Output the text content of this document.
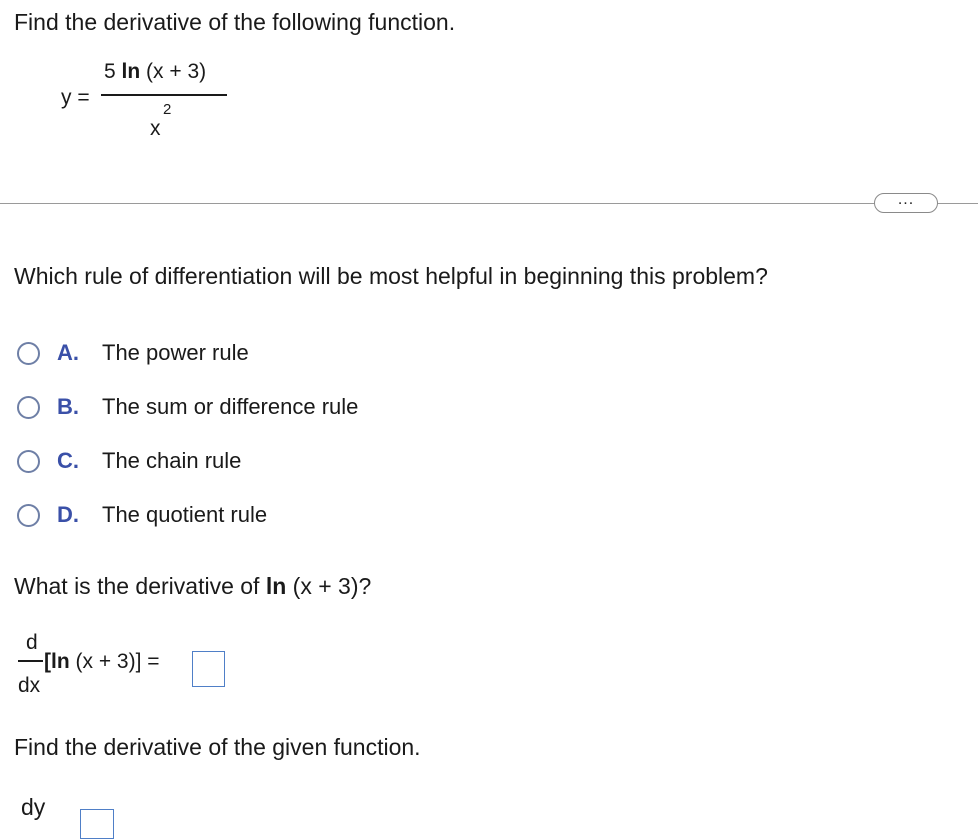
Find the derivative of the following function.
y =
5 ln (x + 3)
x
2
...
Which rule of differentiation will be most helpful in beginning this problem?
A.	The power rule
B.	The sum or difference rule
C.	The chain rule
D.	The quotient rule
What is the derivative of ln (x + 3)?
d
dx
[ln (x + 3)] =
Find the derivative of the given function.
dy
